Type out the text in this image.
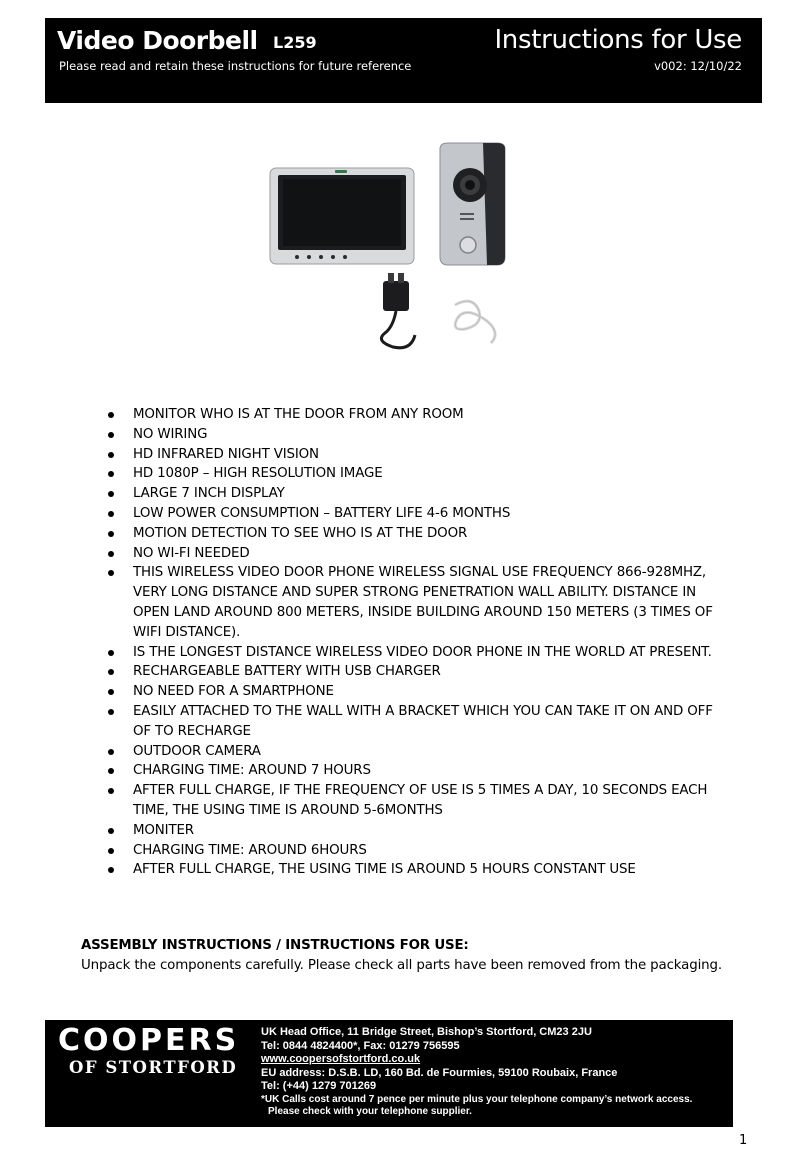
Video Doorbell L259	Instructions for Use
Please read and retain these instructions for future reference	v002: 12/10/22
MONITOR WHO IS AT THE DOOR FROM ANY ROOM
NO WIRING
HD INFRARED NIGHT VISION
HD 1080P – HIGH RESOLUTION IMAGE
LARGE 7 INCH DISPLAY
LOW POWER CONSUMPTION – BATTERY LIFE 4-6 MONTHS
MOTION DETECTION TO SEE WHO IS AT THE DOOR
NO WI-FI NEEDED
THIS WIRELESS VIDEO DOOR PHONE WIRELESS SIGNAL USE FREQUENCY 866-928MHZ, VERY LONG DISTANCE AND SUPER STRONG PENETRATION WALL ABILITY. DISTANCE IN OPEN LAND AROUND 800 METERS, INSIDE BUILDING AROUND 150 METERS (3 TIMES OF WIFI DISTANCE).
IS THE LONGEST DISTANCE WIRELESS VIDEO DOOR PHONE IN THE WORLD AT PRESENT.
RECHARGEABLE BATTERY WITH USB CHARGER
NO NEED FOR A SMARTPHONE
EASILY ATTACHED TO THE WALL WITH A BRACKET WHICH YOU CAN TAKE IT ON AND OFF OF TO RECHARGE
OUTDOOR CAMERA
CHARGING TIME: AROUND 7 HOURS
AFTER FULL CHARGE, IF THE FREQUENCY OF USE IS 5 TIMES A DAY, 10 SECONDS EACH TIME, THE USING TIME IS AROUND 5-6MONTHS
MONITER
CHARGING TIME: AROUND 6HOURS
AFTER FULL CHARGE, THE USING TIME IS AROUND 5 HOURS CONSTANT USE
ASSEMBLY INSTRUCTIONS / INSTRUCTIONS FOR USE:
Unpack the components carefully. Please check all parts have been removed from the packaging.
COOPERS
OF STORTFORD
UK Head Office, 11 Bridge Street, Bishop’s Stortford, CM23 2JU
Tel: 0844 4824400*, Fax: 01279 756595
www.coopersofstortford.co.uk
EU address: D.S.B. LD, 160 Bd. de Fourmies, 59100 Roubaix, France
Tel: (+44) 1279 701269
*UK Calls cost around 7 pence per minute plus your telephone company’s network access.
Please check with your telephone supplier.
1
